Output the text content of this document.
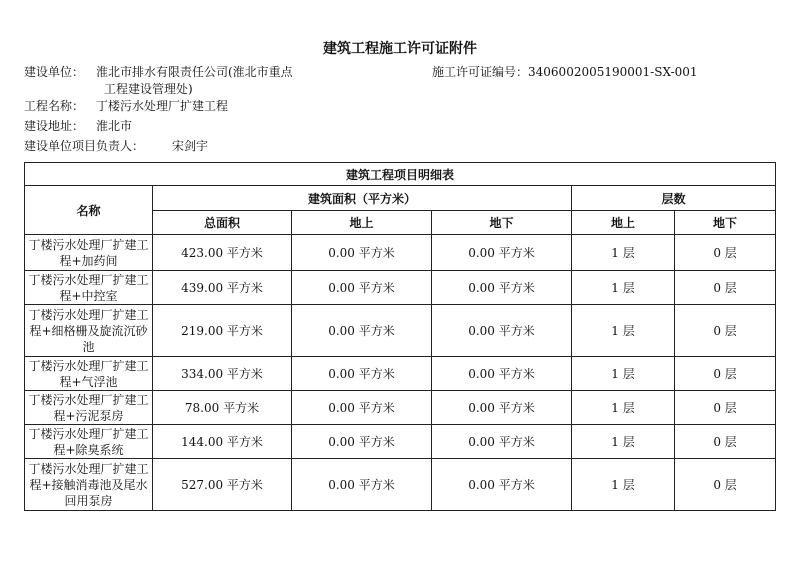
建筑工程施工许可证附件
建设单位： 淮北市排水有限责任公司(淮北市重点
工程建设管理处)
施工许可证编号：3406002005190001-SX-001
工程名称： 丁楼污水处理厂扩建工程
建设地址： 淮北市
建设单位项目负责人： 宋剑宇
建筑工程项目明细表					
名称	建筑面积（平方米）			层数	
	总面积	地上	地下	地上	地下
丁楼污水处理厂扩建工程+加药间	423.00 平方米	0.00 平方米	0.00 平方米	1 层	0 层
丁楼污水处理厂扩建工程+中控室	439.00 平方米	0.00 平方米	0.00 平方米	1 层	0 层
丁楼污水处理厂扩建工程+细格栅及旋流沉砂池	219.00 平方米	0.00 平方米	0.00 平方米	1 层	0 层
丁楼污水处理厂扩建工程+气浮池	334.00 平方米	0.00 平方米	0.00 平方米	1 层	0 层
丁楼污水处理厂扩建工程+污泥泵房	78.00 平方米	0.00 平方米	0.00 平方米	1 层	0 层
丁楼污水处理厂扩建工程+除臭系统	144.00 平方米	0.00 平方米	0.00 平方米	1 层	0 层
丁楼污水处理厂扩建工程+接触消毒池及尾水回用泵房	527.00 平方米	0.00 平方米	0.00 平方米	1 层	0 层
